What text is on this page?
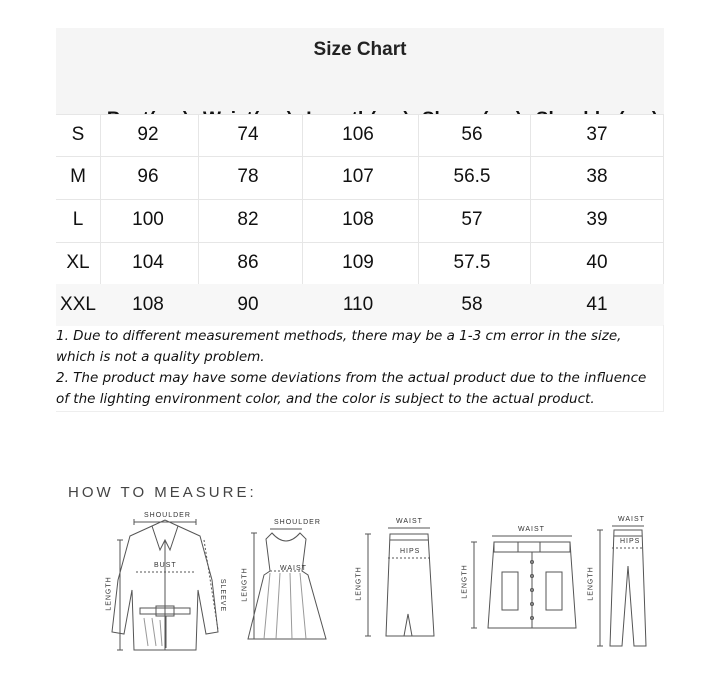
Size Chart
S	92	74	106	56	37
M	96	78	107	56.5	38
L	100	82	108	57	39
XL	104	86	109	57.5	40
XXL	108	90	110	58	41

1. Due to different measurement methods, there may be a 1-3 cm error in the size, which is not a quality problem.

2. The product may have some deviations from the actual product due to the influence of the lighting environment color, and the color is subject to the actual product.

HOW TO MEASURE:
SHOULDER
BUST
LENGTH	SLEEVE
SHOULDER
WAIST
LENGTH
WAIST
HIPS
LENGTH
WAIST
LENGTH
WAIST
HIPS
LENGTH
